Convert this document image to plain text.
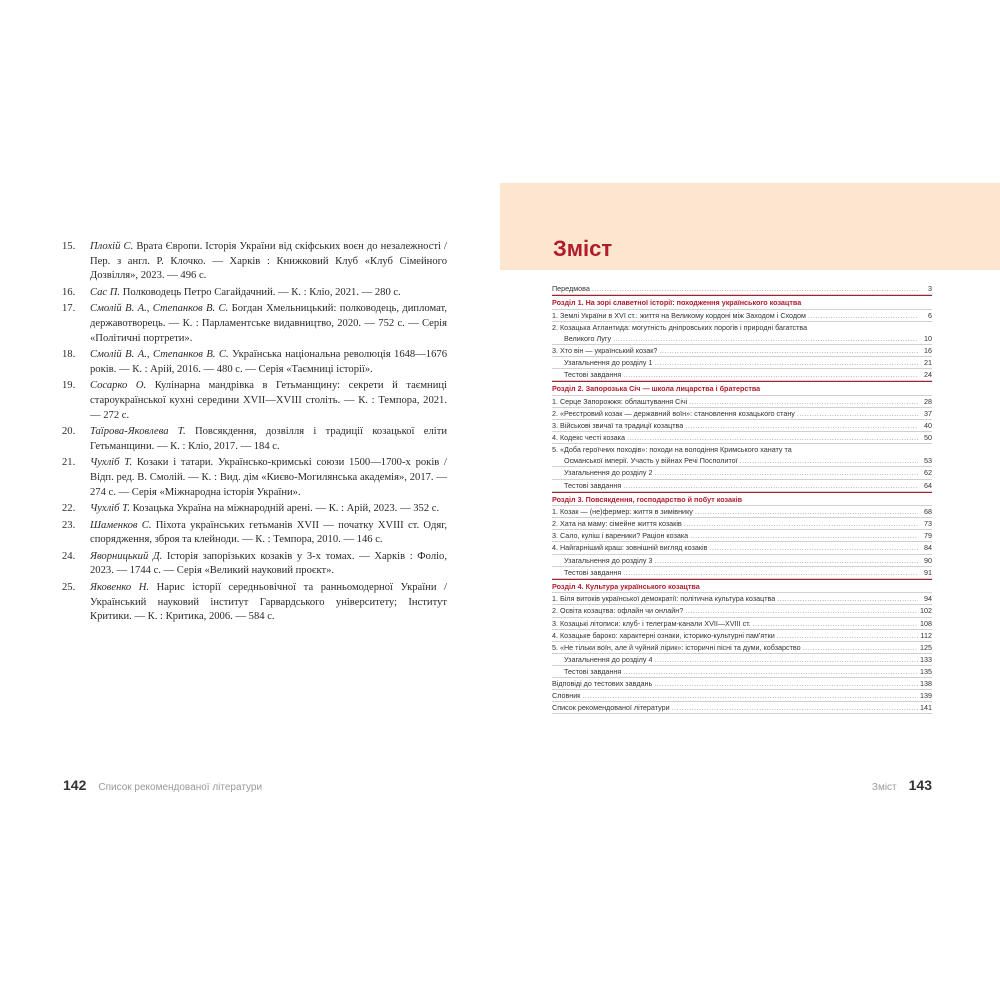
15. Плохій С. Врата Європи. Історія України від скіфських воєн до незалежності / Пер. з англ. Р. Клочко. — Харків : Книжковий Клуб «Клуб Сімейного Дозвілля», 2023. — 496 с.
16. Сас П. Полководець Петро Сагайдачний. — К. : Кліо, 2021. — 280 с.
17. Смолій В. А., Степанков В. С. Богдан Хмельницький: полководець, дипломат, державотворець. — К. : Парламентське видавництво, 2020. — 752 с. — Серія «Політичні портрети».
18. Смолій В. А., Степанков В. С. Українська національна революція 1648—1676 років. — К. : Арій, 2016. — 480 с. — Серія «Таємниці історії».
19. Сосарко О. Кулінарна мандрівка в Гетьманщину: секрети й таємниці староукраїнської кухні середини XVII—XVIII століть. — К. : Темпора, 2021. — 272 с.
20. Таїрова-Яковлева Т. Повсякдення, дозвілля і традиції козацької еліти Гетьманщини. — К. : Кліо, 2017. — 184 с.
21. Чухліб Т. Козаки і татари. Українсько-кримські союзи 1500—1700-х років / Відп. ред. В. Смолій. — К. : Вид. дім «Києво-Могилянська академія», 2017. — 274 с. — Серія «Міжнародна історія України».
22. Чухліб Т. Козацька Україна на міжнародній арені. — К. : Арій, 2023. — 352 с.
23. Шаменков С. Піхота українських гетьманів XVII — початку XVIII ст. Одяг, спорядження, зброя та клейноди. — К. : Темпора, 2010. — 146 с.
24. Яворницький Д. Історія запорізьких козаків у 3-х томах. — Харків : Фоліо, 2023. — 1744 с. — Серія «Великий науковий проєкт».
25. Яковенко Н. Нарис історії середньовічної та ранньомодерної України / Український науковий інститут Гарвардського університету; Інститут Критики. — К. : Критика, 2006. — 584 с.
142 Список рекомендованої літератури
Зміст
Передмова .....	3
Розділ 1. На зорі славетної історії: походження українського козацтва
1. Землі України в XVI ст.: життя на Великому кордоні між Заходом і Сходом .....	6
2. Козацька Атлантида: могутність дніпровських порогів і природні багатства
Великого Лугу .....	10
3. Хто він — український козак? .....	16
Узагальнення до розділу 1 .....	21
Тестові завдання .....	24
Розділ 2. Запорозька Січ — школа лицарства і братерства
1. Серце Запорожжя: облаштування Січі .....	28
2. «Реєстровий козак — державний воїн»: становлення козацького стану .....	37
3. Військові звичаї та традиції козацтва .....	40
4. Кодекс честі козака .....	50
5. «Доба героїчних походів»: походи на володіння Кримського ханату та
Османської імперії. Участь у війнах Речі Посполитої .....	53
Узагальнення до розділу 2 .....	62
Тестові завдання .....	64
Розділ 3. Повсякдення, господарство й побут козаків
1. Козак — (не)фермер: життя в зимівнику .....	68
2. Хата на маму: сімейне життя козаків .....	73
3. Сало, куліш і вареники? Раціон козака .....	79
4. Найгарніший краш: зовнішній вигляд козаків .....	84
Узагальнення до розділу 3 .....	90
Тестові завдання .....	91
Розділ 4. Культура українського козацтва
1. Біля витоків української демократії: політична культура козацтва .....	94
2. Освіта козацтва: офлайн чи онлайн? .....	102
3. Козацькі літописи: клуб- і телеграм-канали XVII—XVIII ст. .....	108
4. Козацьке бароко: характерні ознаки, історико-культурні пам’ятки .....	112
5. «Не тільки воїн, але й чуйний лірик»: історичні пісні та думи, кобзарство .....	125
Узагальнення до розділу 4 .....	133
Тестові завдання .....	135
Відповіді до тестових завдань .....	138
Словник .....	139
Список рекомендованої літератури .....	141
Зміст 143
